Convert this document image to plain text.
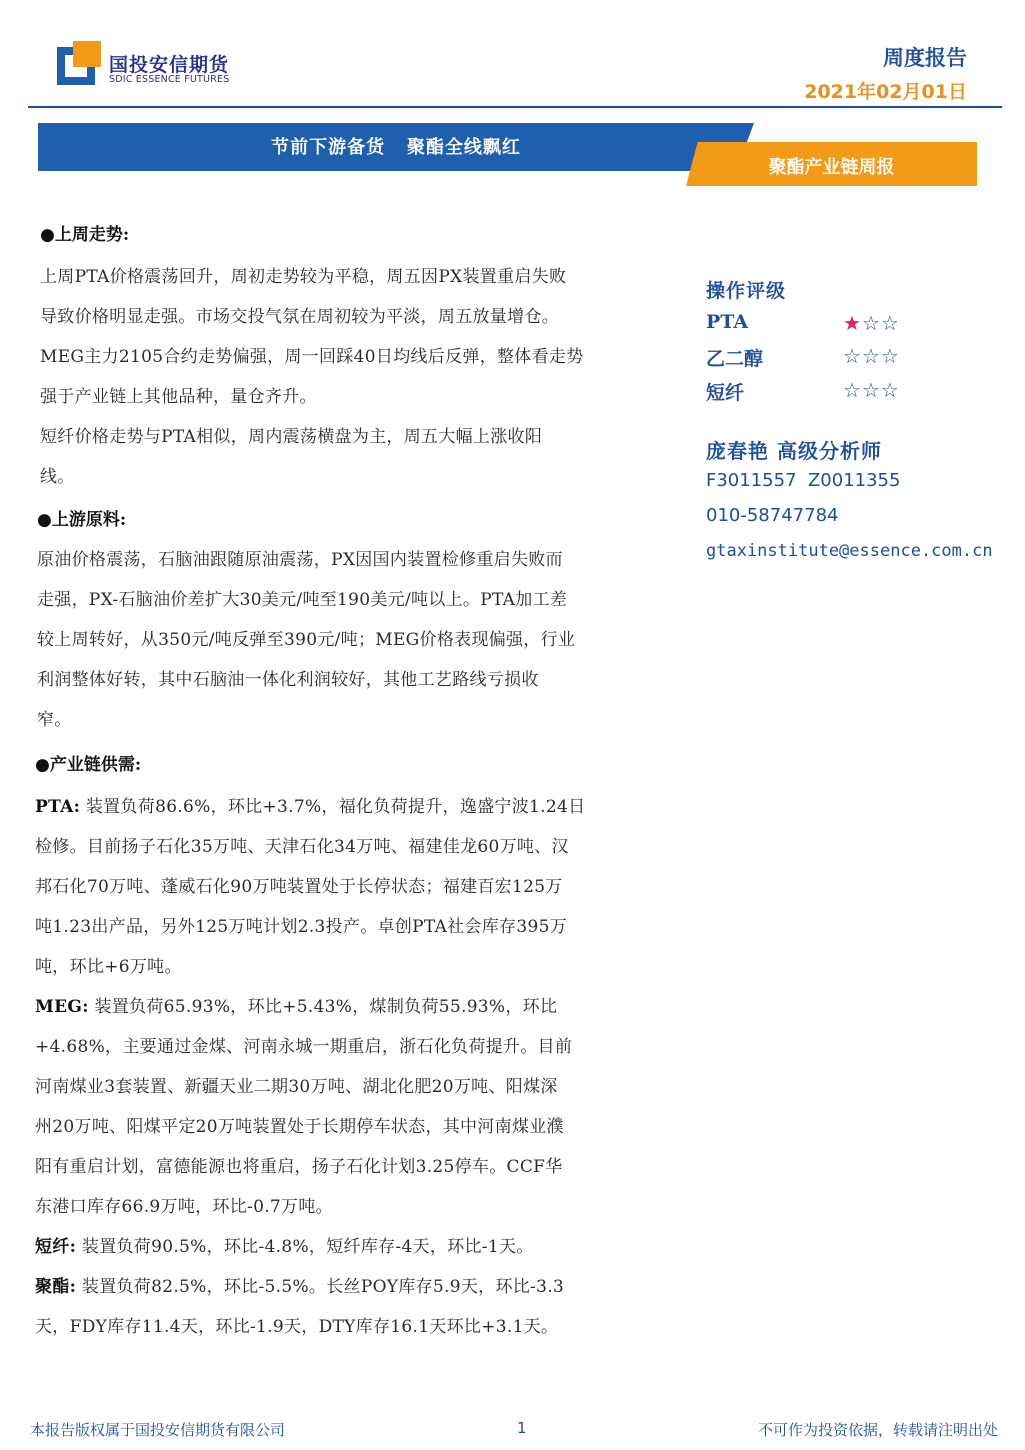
国投安信期货
SDIC ESSENCE FUTURES
周度报告
2021年02月01日
节前下游备货   聚酯全线飘红
聚酯产业链周报
●上周走势:
上周PTA价格震荡回升，周初走势较为平稳，周五因PX装置重启失败
导致价格明显走强。市场交投气氛在周初较为平淡，周五放量增仓。
MEG主力2105合约走势偏强，周一回踩40日均线后反弹，整体看走势
强于产业链上其他品种，量仓齐升。
短纤价格走势与PTA相似，周内震荡横盘为主，周五大幅上涨收阳
线。
●上游原料:
原油价格震荡，石脑油跟随原油震荡，PX因国内装置检修重启失败而
走强，PX-石脑油价差扩大30美元/吨至190美元/吨以上。PTA加工差
较上周转好，从350元/吨反弹至390元/吨；MEG价格表现偏强，行业
利润整体好转，其中石脑油一体化利润较好，其他工艺路线亏损收
窄。
●产业链供需:
PTA: 装置负荷86.6%，环比+3.7%，福化负荷提升，逸盛宁波1.24日
检修。目前扬子石化35万吨、天津石化34万吨、福建佳龙60万吨、汉
邦石化70万吨、蓬威石化90万吨装置处于长停状态；福建百宏125万
吨1.23出产品，另外125万吨计划2.3投产。卓创PTA社会库存395万
吨，环比+6万吨。
MEG: 装置负荷65.93%，环比+5.43%，煤制负荷55.93%，环比
+4.68%，主要通过金煤、河南永城一期重启，浙石化负荷提升。目前
河南煤业3套装置、新疆天业二期30万吨、湖北化肥20万吨、阳煤深
州20万吨、阳煤平定20万吨装置处于长期停车状态，其中河南煤业濮
阳有重启计划，富德能源也将重启，扬子石化计划3.25停车。CCF华
东港口库存66.9万吨，环比-0.7万吨。
短纤: 装置负荷90.5%，环比-4.8%，短纤库存-4天，环比-1天。
聚酯: 装置负荷82.5%，环比-5.5%。长丝POY库存5.9天，环比-3.3
天，FDY库存11.4天，环比-1.9天，DTY库存16.1天环比+3.1天。
操作评级
PTA	★☆☆
乙二醇	☆☆☆
短纤	☆☆☆
庞春艳 高级分析师
F3011557  Z0011355
010-58747784
gtaxinstitute@essence.com.cn
本报告版权属于国投安信期货有限公司	1	不可作为投资依据，转载请注明出处
